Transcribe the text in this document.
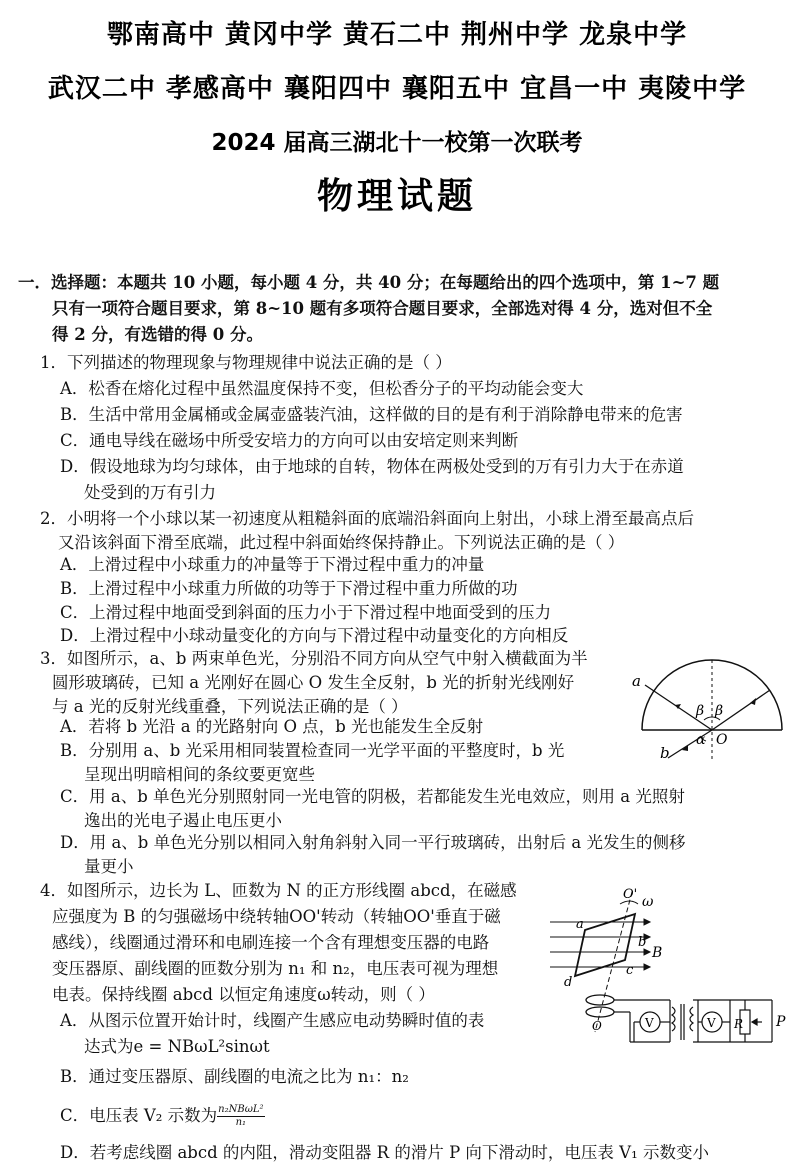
鄂南高中 黄冈中学 黄石二中 荆州中学 龙泉中学
武汉二中 孝感高中 襄阳四中 襄阳五中 宜昌一中 夷陵中学
2024 届高三湖北十一校第一次联考
物理试题
一．选择题：本题共 10 小题，每小题 4 分，共 40 分；在每题给出的四个选项中，第 1~7 题
只有一项符合题目要求，第 8~10 题有多项符合题目要求，全部选对得 4 分，选对但不全
得 2 分，有选错的得 0 分。
1．下列描述的物理现象与物理规律中说法正确的是（ ）
A．松香在熔化过程中虽然温度保持不变，但松香分子的平均动能会变大
B．生活中常用金属桶或金属壶盛装汽油，这样做的目的是有利于消除静电带来的危害
C．通电导线在磁场中所受安培力的方向可以由安培定则来判断
D．假设地球为均匀球体，由于地球的自转，物体在两极处受到的万有引力大于在赤道
处受到的万有引力
2．小明将一个小球以某一初速度从粗糙斜面的底端沿斜面向上射出，小球上滑至最高点后
又沿该斜面下滑至底端，此过程中斜面始终保持静止。下列说法正确的是（ ）
A．上滑过程中小球重力的冲量等于下滑过程中重力的冲量
B．上滑过程中小球重力所做的功等于下滑过程中重力所做的功
C．上滑过程中地面受到斜面的压力小于下滑过程中地面受到的压力
D．上滑过程中小球动量变化的方向与下滑过程中动量变化的方向相反
3．如图所示，a、b 两束单色光，分别沿不同方向从空气中射入横截面为半
圆形玻璃砖，已知 a 光刚好在圆心 O 发生全反射，b 光的折射光线刚好
与 a 光的反射光线重叠，下列说法正确的是（ ）
A．若将 b 光沿 a 的光路射向 O 点，b 光也能发生全反射
B．分别用 a、b 光采用相同装置检查同一光学平面的平整度时，b 光
呈现出明暗相间的条纹要更宽些
C．用 a、b 单色光分别照射同一光电管的阴极，若都能发生光电效应，则用 a 光照射
逸出的光电子遏止电压更小
D．用 a、b 单色光分别以相同入射角斜射入同一平行玻璃砖，出射后 a 光发生的侧移
量更小
a
β β
α O
b
4．如图所示，边长为 L、匝数为 N 的正方形线圈 abcd，在磁感
应强度为 B 的匀强磁场中绕转轴OO'转动（转轴OO'垂直于磁
感线），线圈通过滑环和电刷连接一个含有理想变压器的电路
变压器原、副线圈的匝数分别为 n₁ 和 n₂，电压表可视为理想
电表。保持线圈 abcd 以恒定角速度ω转动，则（ ）
A．从图示位置开始计时，线圈产生感应电动势瞬时值的表
达式为e = NBωL²sinωt
B．通过变压器原、副线圈的电流之比为 n₁：n₂
C．电压表 V₂ 示数为 n₂NBωL²
n₁
D．若考虑线圈 abcd 的内阻，滑动变阻器 R 的滑片 P 向下滑动时，电压表 V₁ 示数变小
O' ω
a
b
B
c
d
O	V	V R P
